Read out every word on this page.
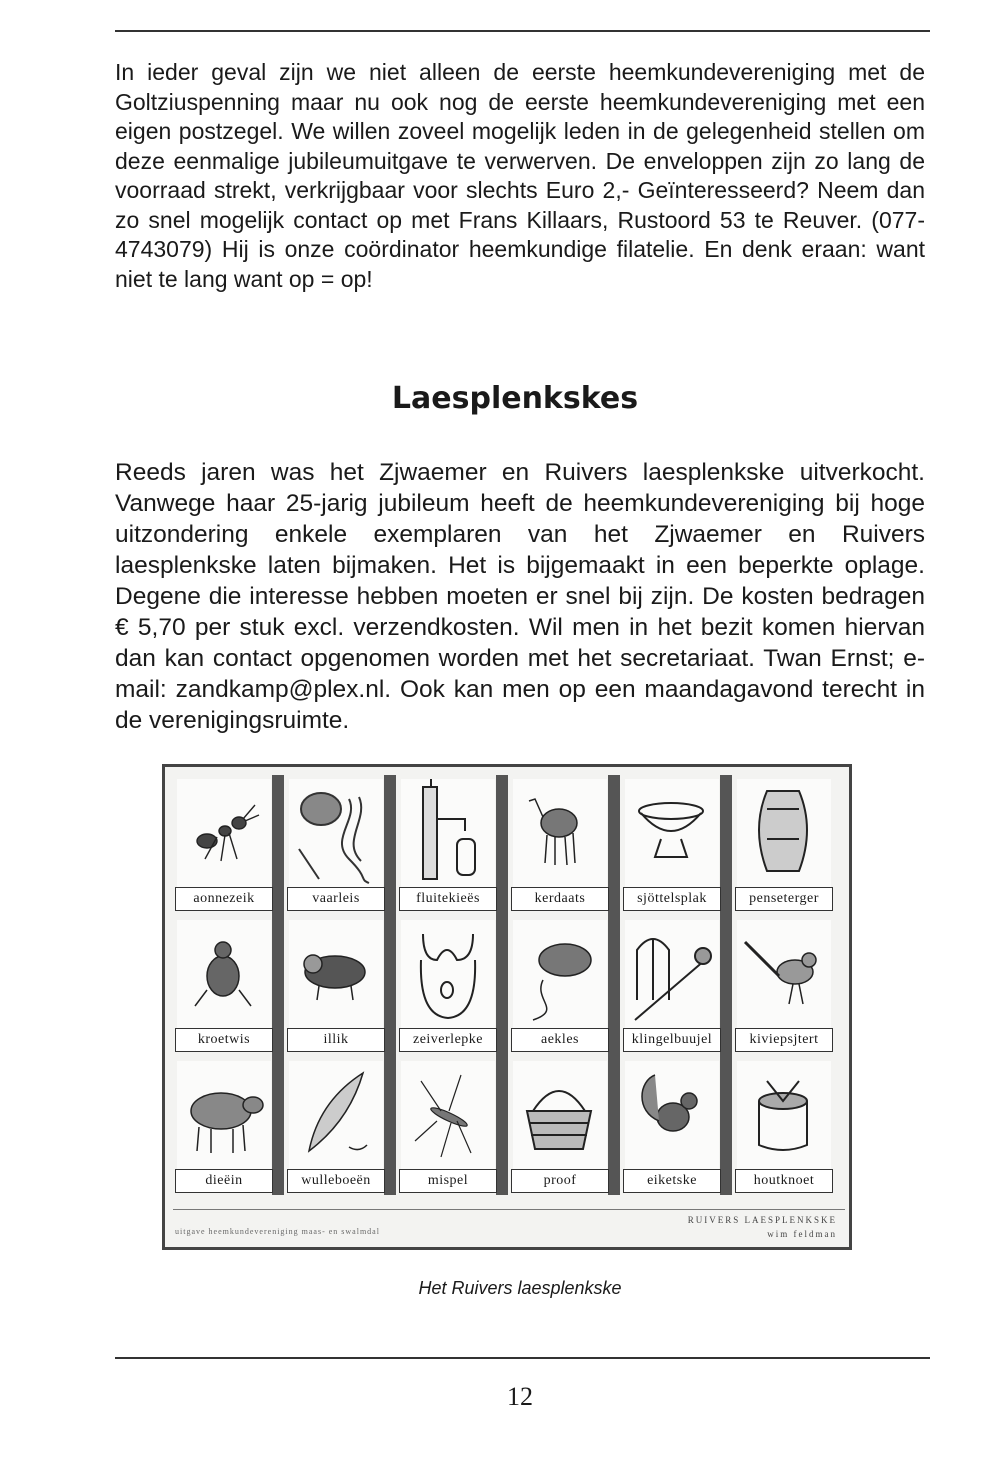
In ieder geval zijn we niet alleen de eerste heemkundevereniging met de Goltziuspenning maar nu ook nog de eerste heemkundevereniging met een eigen postzegel. We willen zoveel mogelijk leden in de gelegenheid stellen om deze eenmalige jubileumuitgave te verwerven. De enveloppen zijn zo lang de voorraad strekt, verkrijgbaar voor slechts Euro 2,- Geïnteresseerd? Neem dan zo snel mogelijk contact op met Frans Killaars, Rustoord 53 te Reuver. (077-4743079) Hij is onze coördinator heemkundige filatelie. En denk eraan: want niet te lang want op = op!

Laesplenkskes

Reeds jaren was het Zjwaemer en Ruivers laesplenkske uitverkocht. Vanwege haar 25-jarig jubileum heeft de heemkundeverenіging bij hoge uitzondering enkele exemplaren van het Zjwaemer en Ruivers laesplenkske laten bijmaken. Het is bijgemaakt in een beperkte oplage. Degene die interesse hebben moeten er snel bij zijn. De kosten bedragen € 5,70 per stuk excl. verzendkosten. Wil men in het bezit komen hiervan dan kan contact opgenomen worden met het secretariaat. Twan Ernst; e-mail: zandkamp@plex.nl. Ook kan men op een maandagavond terecht in de verenigingsruimte.

aonnezeik	vaarleis	fluitekieës	kerdaats	sjöttelsplak	penseterger
kroetwis	illik	zeiverlepke	aekles	klingelbuujel	kiviepsjtert
dieëin	wulleboeën	mispel	proof	eiketske	houtknoet
RUIVERS LAESPLENKSKE
wim feldman
uitgave heemkundevereniging maas- en swalmdal

Het Ruivers laesplenkske

12
